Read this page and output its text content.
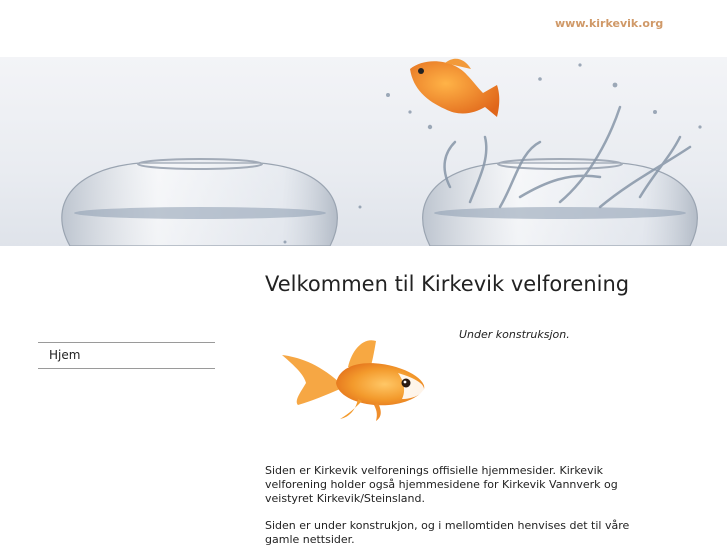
www.kirkevik.org
Hjem
Velkommen til Kirkevik velforening
Under konstruksjon.

Siden er Kirkevik velforenings offisielle hjemmesider. Kirkevik velforening holder også hjemmesidene for Kirkevik Vannverk og veistyret Kirkevik/Steinsland.

Siden er under konstrukjon, og i mellomtiden henvises det til våre gamle nettsider.
